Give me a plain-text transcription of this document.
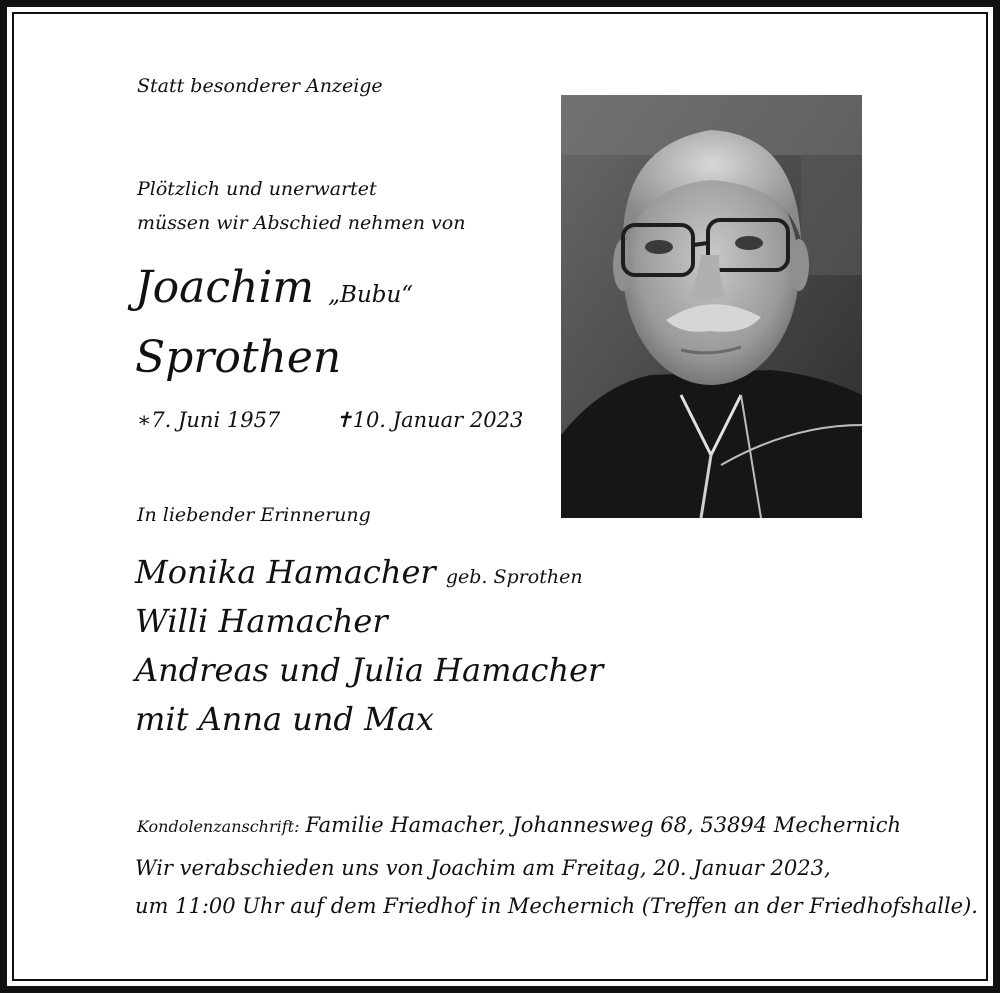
Statt besonderer Anzeige
Plötzlich und unerwartet
müssen wir Abschied nehmen von
Joachim „Bubu“
Sprothen
∗7. Juni 1957	✝10. Januar 2023
In liebender Erinnerung
Monika Hamacher geb. Sprothen
Willi Hamacher
Andreas und Julia Hamacher
mit Anna und Max
Kondolenzanschrift: Familie Hamacher, Johannesweg 68, 53894 Mechernich
Wir verabschieden uns von Joachim am Freitag, 20. Januar 2023,
um 11:00 Uhr auf dem Friedhof in Mechernich (Treffen an der Friedhofshalle).
